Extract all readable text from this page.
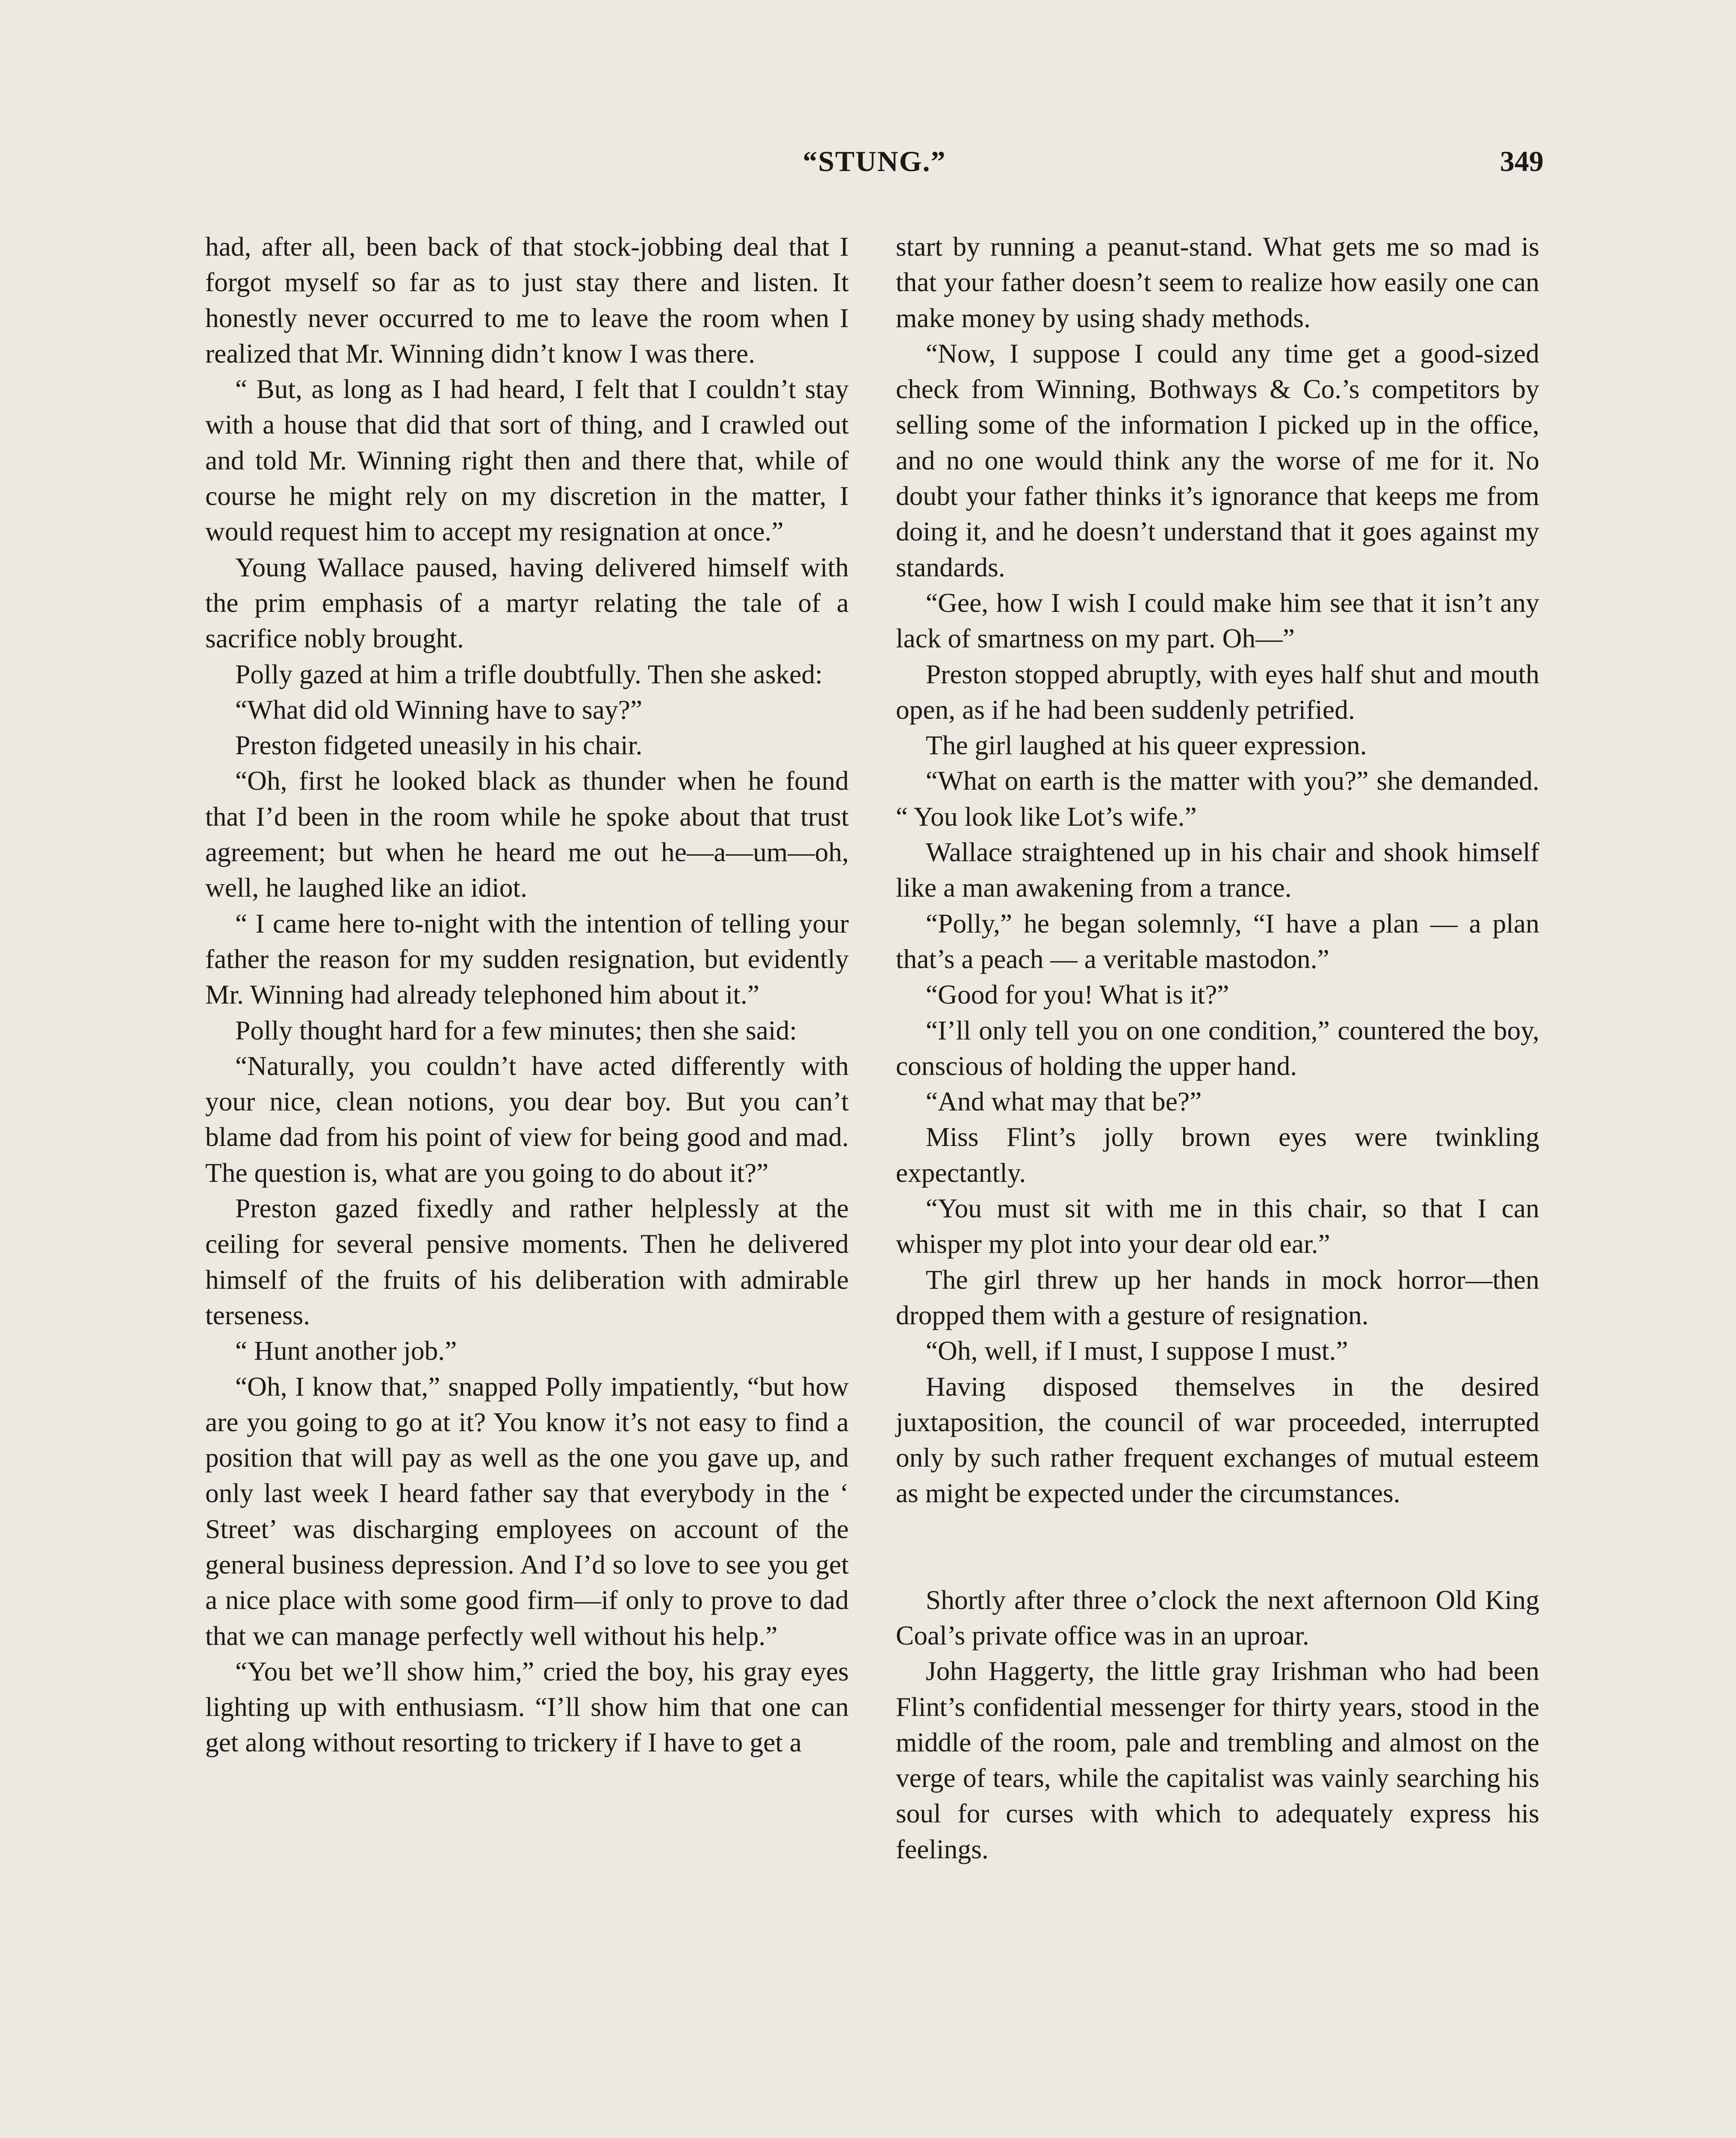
“STUNG.”	349

had, after all, been back of that stock-jobbing deal that I forgot myself so far as to just stay there and listen. It honestly never occurred to me to leave the room when I realized that Mr. Winning didn’t know I was there.

“ But, as long as I had heard, I felt that I couldn’t stay with a house that did that sort of thing, and I crawled out and told Mr. Winning right then and there that, while of course he might rely on my discretion in the matter, I would request him to accept my resignation at once.”

Young Wallace paused, having delivered himself with the prim emphasis of a martyr relating the tale of a sacrifice nobly brought.

Polly gazed at him a trifle doubtfully. Then she asked:

“What did old Winning have to say?”

Preston fidgeted uneasily in his chair.

“Oh, first he looked black as thunder when he found that I’d been in the room while he spoke about that trust agreement; but when he heard me out he—a—um—oh, well, he laughed like an idiot.

“ I came here to-night with the intention of telling your father the reason for my sudden resignation, but evidently Mr. Winning had already telephoned him about it.”

Polly thought hard for a few minutes; then she said:

“Naturally, you couldn’t have acted differently with your nice, clean notions, you dear boy. But you can’t blame dad from his point of view for being good and mad. The question is, what are you going to do about it?”

Preston gazed fixedly and rather helplessly at the ceiling for several pensive moments. Then he delivered himself of the fruits of his deliberation with admirable terseness.

“ Hunt another job.”

“Oh, I know that,” snapped Polly impatiently, “but how are you going to go at it? You know it’s not easy to find a position that will pay as well as the one you gave up, and only last week I heard father say that everybody in the ‘ Street’ was discharging employees on account of the general business depression. And I’d so love to see you get a nice place with some good firm—if only to prove to dad that we can manage perfectly well without his help.”

“You bet we’ll show him,” cried the boy, his gray eyes lighting up with enthusiasm. “I’ll show him that one can get along without resorting to trickery if I have to get a

start by running a peanut-stand. What gets me so mad is that your father doesn’t seem to realize how easily one can make money by using shady methods.

“Now, I suppose I could any time get a good-sized check from Winning, Bothways & Co.’s competitors by selling some of the information I picked up in the office, and no one would think any the worse of me for it. No doubt your father thinks it’s ignorance that keeps me from doing it, and he doesn’t understand that it goes against my standards.

“Gee, how I wish I could make him see that it isn’t any lack of smartness on my part. Oh—”

Preston stopped abruptly, with eyes half shut and mouth open, as if he had been suddenly petrified.

The girl laughed at his queer expression.

“What on earth is the matter with you?” she demanded. “ You look like Lot’s wife.”

Wallace straightened up in his chair and shook himself like a man awakening from a trance.

“Polly,” he began solemnly, “I have a plan — a plan that’s a peach — a veritable mastodon.”

“Good for you! What is it?”

“I’ll only tell you on one condition,” countered the boy, conscious of holding the upper hand.

“And what may that be?”

Miss Flint’s jolly brown eyes were twinkling expectantly.

“You must sit with me in this chair, so that I can whisper my plot into your dear old ear.”

The girl threw up her hands in mock horror—then dropped them with a gesture of resignation.

“Oh, well, if I must, I suppose I must.”

Having disposed themselves in the desired juxtaposition, the council of war proceeded, interrupted only by such rather frequent exchanges of mutual esteem as might be expected under the circumstances.

Shortly after three o’clock the next afternoon Old King Coal’s private office was in an uproar.

John Haggerty, the little gray Irishman who had been Flint’s confidential messenger for thirty years, stood in the middle of the room, pale and trembling and almost on the verge of tears, while the capitalist was vainly searching his soul for curses with which to adequately express his feelings.
